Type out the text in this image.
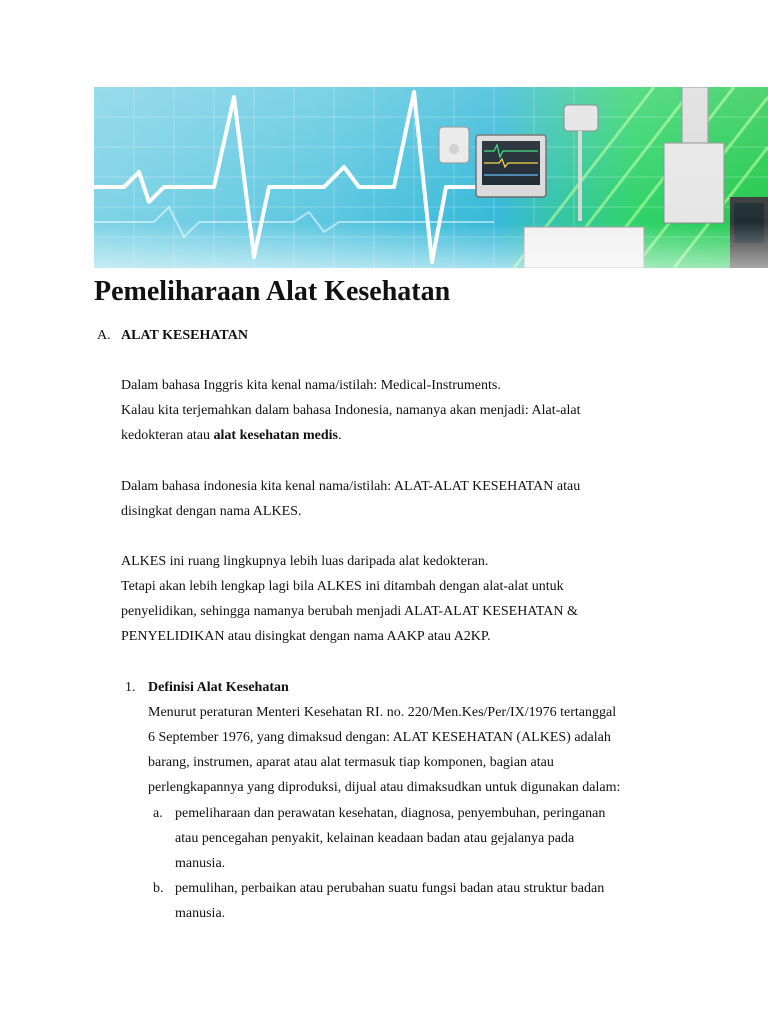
Pemeliharaan Alat Kesehatan
A. ALAT KESEHATAN
Dalam bahasa Inggris kita kenal nama/istilah: Medical-Instruments.
Kalau kita terjemahkan dalam bahasa Indonesia, namanya akan menjadi: Alat-alat
kedokteran atau alat kesehatan medis.
Dalam bahasa indonesia kita kenal nama/istilah: ALAT-ALAT KESEHATAN atau
disingkat dengan nama ALKES.
ALKES ini ruang lingkupnya lebih luas daripada alat kedokteran.
Tetapi akan lebih lengkap lagi bila ALKES ini ditambah dengan alat-alat untuk
penyelidikan, sehingga namanya berubah menjadi ALAT-ALAT KESEHATAN &
PENYELIDIKAN atau disingkat dengan nama AAKP atau A2KP.
1. Definisi Alat Kesehatan
Menurut peraturan Menteri Kesehatan RI. no. 220/Men.Kes/Per/IX/1976 tertanggal
6 September 1976, yang dimaksud dengan: ALAT KESEHATAN (ALKES) adalah
barang, instrumen, aparat atau alat termasuk tiap komponen, bagian atau
perlengkapannya yang diproduksi, dijual atau dimaksudkan untuk digunakan dalam:
a. pemeliharaan dan perawatan kesehatan, diagnosa, penyembuhan, peringanan
atau pencegahan penyakit, kelainan keadaan badan atau gejalanya pada
manusia.
b. pemulihan, perbaikan atau perubahan suatu fungsi badan atau struktur badan
manusia.
